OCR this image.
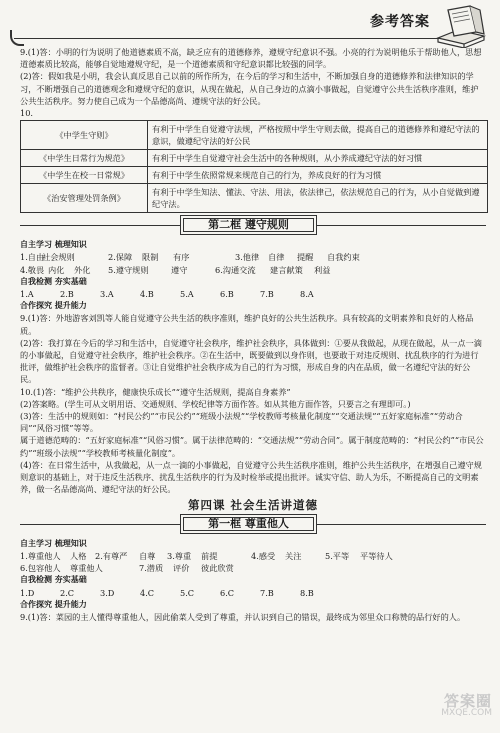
参考答案

9.(1)答：小明的行为说明了他道德素质不高，缺乏应有的道德修养，遵规守纪意识不强。小亮的行为说明他乐于帮助他人，思想道德素质比较高，能够自觉地遵规守纪，是一个道德素质和守纪意识都比较强的同学。

(2)答：假如我是小明，我会认真反思自己以前的所作所为，在今后的学习和生活中，不断加强自身的道德修养和法律知识的学习，不断增强自己的道德观念和遵规守纪的意识，从现在做起，从自己身边的点滴小事做起，自觉遵守公共生活秩序准则，维护公共生活秩序。努力使自己成为一个品德高尚、遵规守法的好公民。

10.

《中学生守则》	有利于中学生自觉遵守法规，严格按照中学生守则去做，提高自己的道德修养和遵纪守法的意识，做遵纪守法的好公民
《中学生日常行为规范》	有利于中学生自觉遵守社会生活中的各种规则，从小养成遵纪守法的好习惯
《中学生在校一日常规》	有利于中学生依照常规来规范自己的行为，养成良好的行为习惯
《治安管理处罚条例》	有利于中学生知法、懂法、守法、用法，依法律己，依法规范自己的行为，从小自觉做到遵纪守法。
第二框 遵守规则

自主学习 梳理知识

1.自由
社会规则	2.保障	限制	有序	3.他律	自律	提醒	自我约束
4.敬畏 内化	外化	5.遵守规则	遵守	6.沟通交流	建言献策	利益

自我检测 夯实基础

1.A	2.B	3.A	4.B	5.A	6.B	7.B	8.A

合作探究 提升能力

9.(1)答：外地游客刘凯等人能自觉遵守公共生活的秩序准则，维护良好的公共生活秩序。具有较高的文明素养和良好的人格品质。

(2)答：我打算在今后的学习和生活中，自觉遵守社会秩序，维护社会秩序，具体做到：①要从我做起，从现在做起，从一点一滴的小事做起，自觉遵守社会秩序，维护社会秩序。②在生活中，既要做到以身作则，也要敢于对违反规则、扰乱秩序的行为进行批评，做维护社会秩序的监督者。③让自觉维护社会秩序成为自己的行为习惯，形成自身的内在品质，做一名遵纪守法的好公民。

10.(1)答：“维护公共秩序，健康快乐成长”“遵守生活规则，提高自身素养”

(2)答案略。(学生可从文明用语、交通规则、学校纪律等方面作答。如从其他方面作答，只要言之有理即可。)

(3)答：生活中的规则如：“村民公约”“市民公约”“班级小法规”“学校教师考核量化制度”“交通法规”“五好家庭标准”“劳动合同”“风俗习惯”等等。

属于道德范畴的：“五好家庭标准”“风俗习惯”。属于法律范畴的：“交通法规”“劳动合同”。属于制度范畴的：“村民公约”“市民公约”“班级小法规”“学校教师考核量化制度”。

(4)答：在日常生活中，从我做起，从一点一滴的小事做起，自觉遵守公共生活秩序准则，维护公共生活秩序，在增强自己遵守规则意识的基础上，对于违反生活秩序、扰乱生活秩序的行为及时检举或提出批评。诚实守信、助人为乐，不断提高自己的文明素养，做一名品德高尚、遵纪守法的好公民。

第四课 社会生活讲道德
第一框 尊重他人

自主学习 梳理知识

1.尊重他人	人格	2.有尊严	自尊	3.尊重	前提	4.感受	关注	5.平等	平等待人
6.包容他人	尊重他人	7.潜质	评价	彼此欣赏

自我检测 夯实基础

1.D	2.C	3.D	4.C	5.C	6.C	7.B	8.B

合作探究 提升能力

9.(1)答：菜园的主人懂得尊重他人，因此偷菜人受到了尊重，并认识到自己的错误，最终成为邻里众口称赞的品行好的人。

答案圈
MXQE.COM
